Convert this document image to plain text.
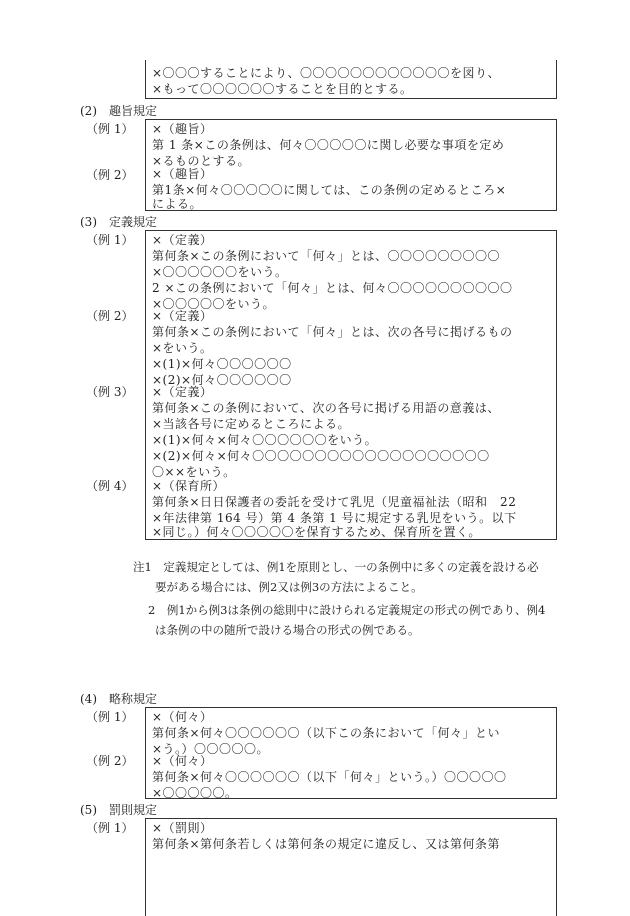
×〇〇〇することにより、〇〇〇〇〇〇〇〇〇〇〇〇を図り、
×もって〇〇〇〇〇〇することを目的とする。
(2)　趣旨規定
（例 1） ×（趣旨）
第 1 条×この条例は、何々〇〇〇〇〇に関し必要な事項を定め
×るものとする。
（例 2） ×（趣旨）
第1条×何々〇〇〇〇〇に関しては、この条例の定めるところ×
による。
(3)　定義規定
（例 1） ×（定義）
第何条×この条例において「何々」とは、〇〇〇〇〇〇〇〇〇
×〇〇〇〇〇〇をいう。
2 ×この条例において「何々」とは、何々〇〇〇〇〇〇〇〇〇〇
×〇〇〇〇〇をいう。
（例 2） ×（定義）
第何条×この条例において「何々」とは、次の各号に掲げるもの
×をいう。
×(1)×何々〇〇〇〇〇〇
×(2)×何々〇〇〇〇〇〇
（例 3） ×（定義）
第何条×この条例において、次の各号に掲げる用語の意義は、
×当該各号に定めるところによる。
×(1)×何々×何々〇〇〇〇〇〇をいう。
×(2)×何々×何々〇〇〇〇〇〇〇〇〇〇〇〇〇〇〇〇〇〇〇
〇××をいう。
（例 4） ×（保育所）
第何条×日日保護者の委託を受けて乳児（児童福祉法（昭和　22
×年法律第 164 号）第 4 条第 1 号に規定する乳児をいう。以下
×同じ。）何々〇〇〇〇〇を保育するため、保育所を置く。
注1　定義規定としては、例1を原則とし、一の条例中に多くの定義を設ける必
要がある場合には、例2又は例3の方法によること。
2　例1から例3は条例の総則中に設けられる定義規定の形式の例であり、例4
は条例の中の随所で設ける場合の形式の例である。
(4)　略称規定
（例 1） ×（何々）
第何条×何々〇〇〇〇〇〇（以下この条において「何々」とい
×う。）〇〇〇〇〇。
（例 2） ×（何々）
第何条×何々〇〇〇〇〇〇（以下「何々」という。）〇〇〇〇〇
×〇〇〇〇〇。
(5)　罰則規定
（例 1） ×（罰則）
第何条×第何条若しくは第何条の規定に違反し、又は第何条第
